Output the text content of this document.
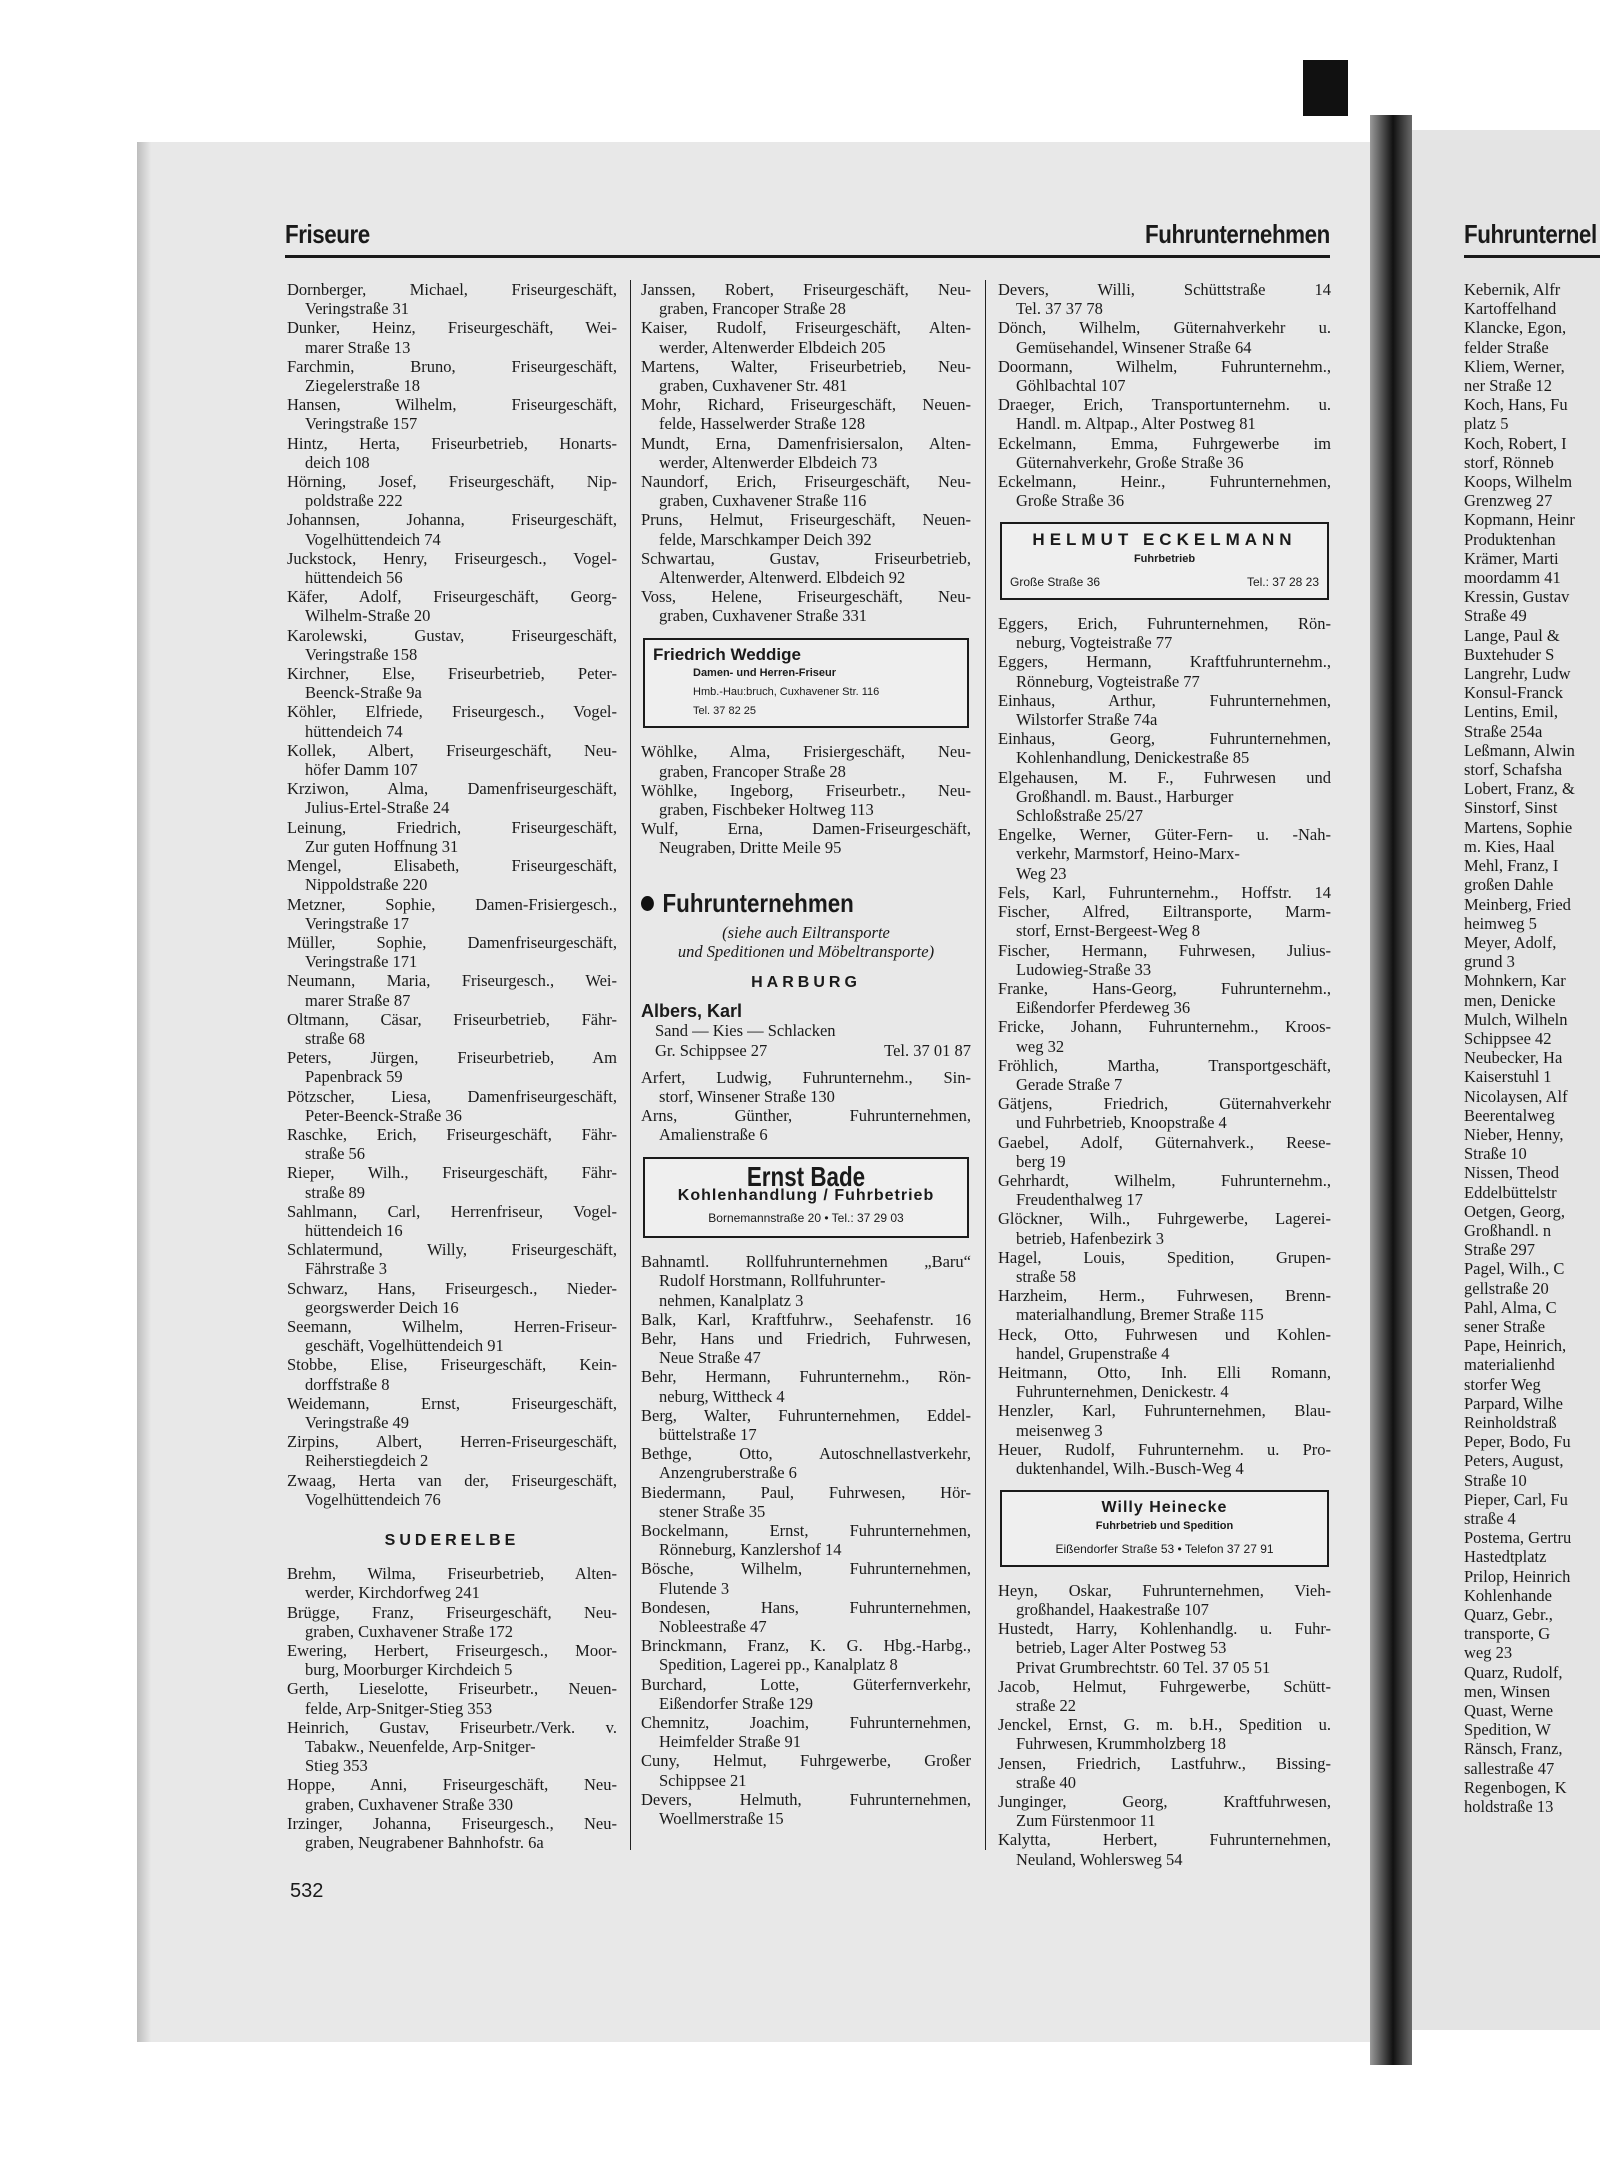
Friseure	Fuhrunternehmen	Fuhrunternel
Dornberger, Michael, Friseurgeschäft,
Veringstraße 31
Dunker, Heinz, Friseurgeschäft, Wei-
marer Straße 13
Farchmin, Bruno, Friseurgeschäft,
Ziegelerstraße 18
Hansen, Wilhelm, Friseurgeschäft,
Veringstraße 157
Hintz, Herta, Friseurbetrieb, Honarts-
deich 108
Hörning, Josef, Friseurgeschäft, Nip-
poldstraße 222
Johannsen, Johanna, Friseurgeschäft,
Vogelhüttendeich 74
Juckstock, Henry, Friseurgesch., Vogel-
hüttendeich 56
Käfer, Adolf, Friseurgeschäft, Georg-
Wilhelm-Straße 20
Karolewski, Gustav, Friseurgeschäft,
Veringstraße 158
Kirchner, Else, Friseurbetrieb, Peter-
Beenck-Straße 9a
Köhler, Elfriede, Friseurgesch., Vogel-
hüttendeich 74
Kollek, Albert, Friseurgeschäft, Neu-
höfer Damm 107
Krziwon, Alma, Damenfriseurgeschäft,
Julius-Ertel-Straße 24
Leinung, Friedrich, Friseurgeschäft,
Zur guten Hoffnung 31
Mengel, Elisabeth, Friseurgeschäft,
Nippoldstraße 220
Metzner, Sophie, Damen-Frisiergesch.,
Veringstraße 17
Müller, Sophie, Damenfriseurgeschäft,
Veringstraße 171
Neumann, Maria, Friseurgesch., Wei-
marer Straße 87
Oltmann, Cäsar, Friseurbetrieb, Fähr-
straße 68
Peters, Jürgen, Friseurbetrieb, Am
Papenbrack 59
Pötzscher, Liesa, Damenfriseurgeschäft,
Peter-Beenck-Straße 36
Raschke, Erich, Friseurgeschäft, Fähr-
straße 56
Rieper, Wilh., Friseurgeschäft, Fähr-
straße 89
Sahlmann, Carl, Herrenfriseur, Vogel-
hüttendeich 16
Schlatermund, Willy, Friseurgeschäft,
Fährstraße 3
Schwarz, Hans, Friseurgesch., Nieder-
georgswerder Deich 16
Seemann, Wilhelm, Herren-Friseur-
geschäft, Vogelhüttendeich 91
Stobbe, Elise, Friseurgeschäft, Kein-
dorffstraße 8
Weidemann, Ernst, Friseurgeschäft,
Veringstraße 49
Zirpins, Albert, Herren-Friseurgeschäft,
Reiherstiegdeich 2
Zwaag, Herta van der, Friseurgeschäft,
Vogelhüttendeich 76
SUDERELBE
Brehm, Wilma, Friseurbetrieb, Alten-
werder, Kirchdorfweg 241
Brügge, Franz, Friseurgeschäft, Neu-
graben, Cuxhavener Straße 172
Ewering, Herbert, Friseurgesch., Moor-
burg, Moorburger Kirchdeich 5
Gerth, Lieselotte, Friseurbetr., Neuen-
felde, Arp-Snitger-Stieg 353
Heinrich, Gustav, Friseurbetr./Verk. v.
Tabakw., Neuenfelde, Arp-Snitger-
Stieg 353
Hoppe, Anni, Friseurgeschäft, Neu-
graben, Cuxhavener Straße 330
Irzinger, Johanna, Friseurgesch., Neu-
graben, Neugrabener Bahnhofstr. 6a
Janssen, Robert, Friseurgeschäft, Neu-
graben, Francoper Straße 28
Kaiser, Rudolf, Friseurgeschäft, Alten-
werder, Altenwerder Elbdeich 205
Martens, Walter, Friseurbetrieb, Neu-
graben, Cuxhavener Str. 481
Mohr, Richard, Friseurgeschäft, Neuen-
felde, Hasselwerder Straße 128
Mundt, Erna, Damenfrisiersalon, Alten-
werder, Altenwerder Elbdeich 73
Naundorf, Erich, Friseurgeschäft, Neu-
graben, Cuxhavener Straße 116
Pruns, Helmut, Friseurgeschäft, Neuen-
felde, Marschkamper Deich 392
Schwartau, Gustav, Friseurbetrieb,
Altenwerder, Altenwerd. Elbdeich 92
Voss, Helene, Friseurgeschäft, Neu-
graben, Cuxhavener Straße 331
Friedrich Weddige
Damen- und Herren-Friseur
Hmb.-Hau:bruch, Cuxhavener Str. 116
Tel. 37 82 25
Wöhlke, Alma, Frisiergeschäft, Neu-
graben, Francoper Straße 28
Wöhlke, Ingeborg, Friseurbetr., Neu-
graben, Fischbeker Holtweg 113
Wulf, Erna, Damen-Friseurgeschäft,
Neugraben, Dritte Meile 95
Fuhrunternehmen
(siehe auch Eiltransporte
und Speditionen und Möbeltransporte)
HARBURG
Albers, Karl
Sand — Kies — Schlacken
Gr. Schippsee 27	Tel. 37 01 87
Arfert, Ludwig, Fuhrunternehm., Sin-
storf, Winsener Straße 130
Arns, Günther, Fuhrunternehmen,
Amalienstraße 6
Ernst Bade
Kohlenhandlung / Fuhrbetrieb
Bornemannstraße 20 • Tel.: 37 29 03
Bahnamtl. Rollfuhrunternehmen „Baru“
Rudolf Horstmann, Rollfuhrunter-
nehmen, Kanalplatz 3
Balk, Karl, Kraftfuhrw., Seehafenstr. 16
Behr, Hans und Friedrich, Fuhrwesen,
Neue Straße 47
Behr, Hermann, Fuhrunternehm., Rön-
neburg, Wittheck 4
Berg, Walter, Fuhrunternehmen, Eddel-
büttelstraße 17
Bethge, Otto, Autoschnellastverkehr,
Anzengruberstraße 6
Biedermann, Paul, Fuhrwesen, Hör-
stener Straße 35
Bockelmann, Ernst, Fuhrunternehmen,
Rönneburg, Kanzlershof 14
Bösche, Wilhelm, Fuhrunternehmen,
Flutende 3
Bondesen, Hans, Fuhrunternehmen,
Nobleestraße 47
Brinckmann, Franz, K. G. Hbg.-Harbg.,
Spedition, Lagerei pp., Kanalplatz 8
Burchard, Lotte, Güterfernverkehr,
Eißendorfer Straße 129
Chemnitz, Joachim, Fuhrunternehmen,
Heimfelder Straße 91
Cuny, Helmut, Fuhrgewerbe, Großer
Schippsee 21
Devers, Helmuth, Fuhrunternehmen,
Woellmerstraße 15
Devers, Willi, Schüttstraße 14
Tel. 37 37 78
Dönch, Wilhelm, Güternahverkehr u.
Gemüsehandel, Winsener Straße 64
Doormann, Wilhelm, Fuhrunternehm.,
Göhlbachtal 107
Draeger, Erich, Transportunternehm. u.
Handl. m. Altpap., Alter Postweg 81
Eckelmann, Emma, Fuhrgewerbe im
Güternahverkehr, Große Straße 36
Eckelmann, Heinr., Fuhrunternehmen,
Große Straße 36
HELMUT ECKELMANN
Fuhrbetrieb
Große Straße 36	Tel.: 37 28 23
Eggers, Erich, Fuhrunternehmen, Rön-
neburg, Vogteistraße 77
Eggers, Hermann, Kraftfuhrunternehm.,
Rönneburg, Vogteistraße 77
Einhaus, Arthur, Fuhrunternehmen,
Wilstorfer Straße 74a
Einhaus, Georg, Fuhrunternehmen,
Kohlenhandlung, Denickestraße 85
Elgehausen, M. F., Fuhrwesen und
Großhandl. m. Baust., Harburger
Schloßstraße 25/27
Engelke, Werner, Güter-Fern- u. -Nah-
verkehr, Marmstorf, Heino-Marx-
Weg 23
Fels, Karl, Fuhrunternehm., Hoffstr. 14
Fischer, Alfred, Eiltransporte, Marm-
storf, Ernst-Bergeest-Weg 8
Fischer, Hermann, Fuhrwesen, Julius-
Ludowieg-Straße 33
Franke, Hans-Georg, Fuhrunternehm.,
Eißendorfer Pferdeweg 36
Fricke, Johann, Fuhrunternehm., Kroos-
weg 32
Fröhlich, Martha, Transportgeschäft,
Gerade Straße 7
Gätjens, Friedrich, Güternahverkehr
und Fuhrbetrieb, Knoopstraße 4
Gaebel, Adolf, Güternahverk., Reese-
berg 19
Gehrhardt, Wilhelm, Fuhrunternehm.,
Freudenthalweg 17
Glöckner, Wilh., Fuhrgewerbe, Lagerei-
betrieb, Hafenbezirk 3
Hagel, Louis, Spedition, Grupen-
straße 58
Harzheim, Herm., Fuhrwesen, Brenn-
materialhandlung, Bremer Straße 115
Heck, Otto, Fuhrwesen und Kohlen-
handel, Grupenstraße 4
Heitmann, Otto, Inh. Elli Romann,
Fuhrunternehmen, Denickestr. 4
Henzler, Karl, Fuhrunternehmen, Blau-
meisenweg 3
Heuer, Rudolf, Fuhrunternehm. u. Pro-
duktenhandel, Wilh.-Busch-Weg 4
Willy Heinecke
Fuhrbetrieb und Spedition
Eißendorfer Straße 53 • Telefon 37 27 91
Heyn, Oskar, Fuhrunternehmen, Vieh-
großhandel, Haakestraße 107
Hustedt, Harry, Kohlenhandlg. u. Fuhr-
betrieb, Lager Alter Postweg 53
Privat Grumbrechtstr. 60 Tel. 37 05 51
Jacob, Helmut, Fuhrgewerbe, Schütt-
straße 22
Jenckel, Ernst, G. m. b.H., Spedition u.
Fuhrwesen, Krummholzberg 18
Jensen, Friedrich, Lastfuhrw., Bissing-
straße 40
Junginger, Georg, Kraftfuhrwesen,
Zum Fürstenmoor 11
Kalytta, Herbert, Fuhrunternehmen,
Neuland, Wohlersweg 54
Kebernik, Alfr
Kartoffelhand
Klancke, Egon,
felder Straße
Kliem, Werner,
ner Straße 12
Koch, Hans, Fu
platz 5
Koch, Robert, I
storf, Rönneb
Koops, Wilhelm
Grenzweg 27
Kopmann, Heinr
Produktenhan
Krämer, Marti
moordamm 41
Kressin, Gustav
Straße 49
Lange, Paul &
Buxtehuder S
Langrehr, Ludw
Konsul-Franck
Lentins, Emil,
Straße 254a
Leßmann, Alwin
storf, Schafsha
Lobert, Franz, &
Sinstorf, Sinst
Martens, Sophie
m. Kies, Haal
Mehl, Franz, I
großen Dahle
Meinberg, Fried
heimweg 5
Meyer, Adolf,
grund 3
Mohnkern, Kar
men, Denicke
Mulch, Wilheln
Schippsee 42
Neubecker, Ha
Kaiserstuhl 1
Nicolaysen, Alf
Beerentalweg
Nieber, Henny,
Straße 10
Nissen, Theod
Eddelbüttelstr
Oetgen, Georg,
Großhandl. n
Straße 297
Pagel, Wilh., C
gellstraße 20
Pahl, Alma, C
sener Straße
Pape, Heinrich,
materialienhd
storfer Weg
Parpard, Wilhe
Reinholdstraß
Peper, Bodo, Fu
Peters, August,
Straße 10
Pieper, Carl, Fu
straße 4
Postema, Gertru
Hastedtplatz
Prilop, Heinrich
Kohlenhande
Quarz, Gebr.,
transporte, G
weg 23
Quarz, Rudolf,
men, Winsen
Quast, Werne
Spedition, W
Ränsch, Franz,
sallestraße 47
Regenbogen, K
holdstraße 13
532
